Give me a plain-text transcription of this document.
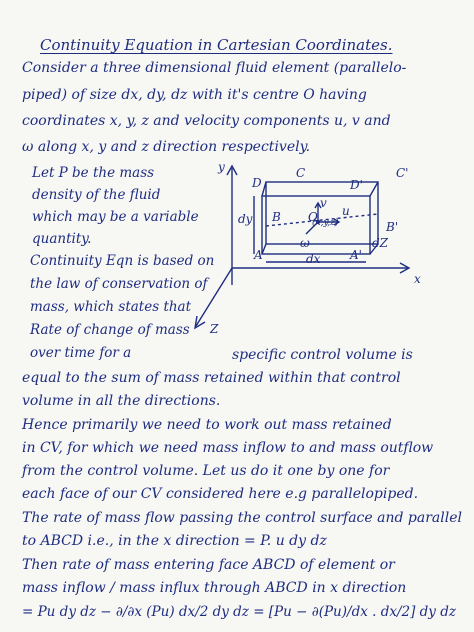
Continuity Equation in Cartesian Coordinates.
Consider a three dimensional fluid element (parallelo-
piped) of size dx, dy, dz with it's centre O having
coordinates x, y, z and velocity components u, v and
ω along x, y and z direction respectively.
Let P be the mass
density of the fluid
which may be a variable
quantity.
Continuity Eqn is based on
the law of conservation of
mass, which states that
Rate of change of mass
over time for a	specific control volume is
equal to the sum of mass retained within that control
volume in all the directions.
Hence primarily we need to work out mass retained
in CV, for which we need mass inflow to and mass outflow
from the control volume. Let us do it one by one for
each face of our CV considered here e.g parallelopiped.
The rate of mass flow passing the control surface and parallel
to ABCD i.e., in the x direction = P. u dy dz
Then rate of mass entering face ABCD of element or
mass inflow / mass influx through ABCD in x direction
= Pu dy dz − ∂/∂x (Pu) dx/2 dy dz = [Pu − ∂(Pu)/dx . dx/2] dy dz
y
x
Z
D
C	C'
D'
B
B'
A	A'
O
(x,y,z)
u
v
ω
dx
dy
dZ
